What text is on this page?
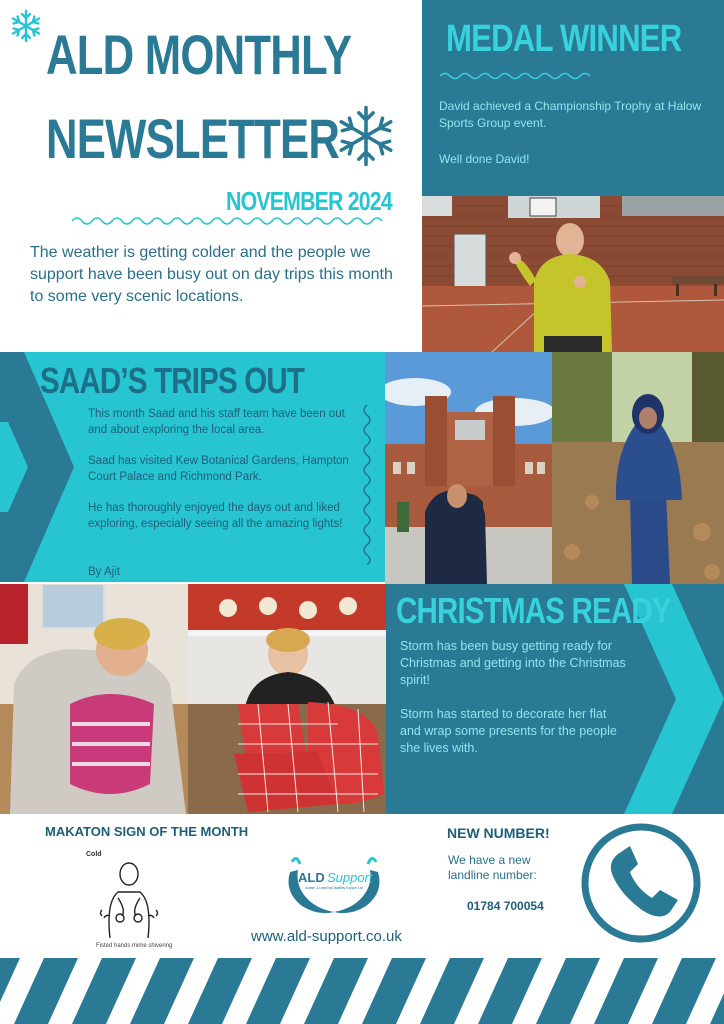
ALD MONTHLY
NEWSLETTER
NOVEMBER 2024
The weather is getting colder and the people we support have been busy out on day trips this month to some very scenic locations.
MEDAL WINNER
David achieved a Championship Trophy at Halow Sports Group event.
Well done David!
SAAD’S TRIPS OUT
This month Saad and his staff team have been out and about exploring the local area.
Saad has visited Kew Botanical Gardens, Hampton Court Palace and Richmond Park.
He has thoroughly enjoyed the days out and liked exploring, especially seeing all the amazing lights!
By Ajit
CHRISTMAS READY
Storm has been busy getting ready for Christmas and getting into the Christmas spirit!
Storm has started to decorate her flat and wrap some presents for the people she lives with.
MAKATON SIGN OF THE MONTH
Cold
Fisted hands mime shivering
ALD Support
Autism & Learning Disability Support Ltd
www.ald-support.co.uk
NEW NUMBER!
We have a new landline number:
01784 700054
